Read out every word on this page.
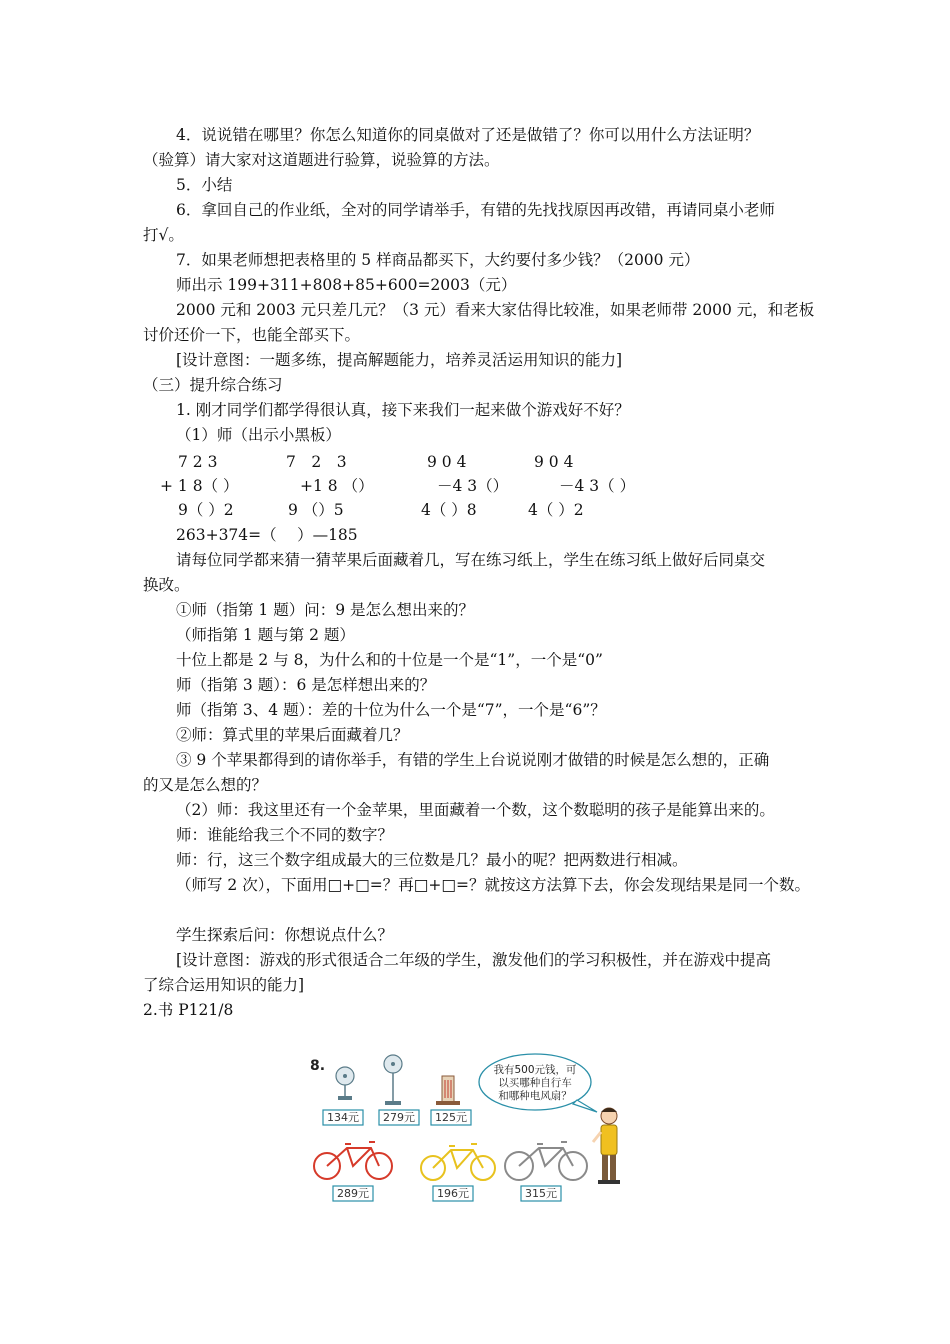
4．说说错在哪里？你怎么知道你的同桌做对了还是做错了？你可以用什么方法证明？
（验算）请大家对这道题进行验算，说验算的方法。
5．小结
6．拿回自己的作业纸，全对的同学请举手，有错的先找找原因再改错，再请同桌小老师
打√。
7．如果老师想把表格里的 5 样商品都买下，大约要付多少钱？（2000 元）
师出示 199+311+808+85+600=2003（元）
2000 元和 2003 元只差几元？（3 元）看来大家估得比较准，如果老师带 2000 元，和老板
讨价还价一下，也能全部买下。
[设计意图：一题多练，提高解题能力，培养灵活运用知识的能力]
（三）提升综合练习
1. 刚才同学们都学得很认真，接下来我们一起来做个游戏好不好？
（1）师（出示小黑板）
7 2 3	7　2　3	9 0 4	9 0 4
+ 1 8（ ）	+1 8 （）	－4 3（）	－4 3（ ）
9（ ）2	9 （）5	4（ ）8	4（ ）2
263+374=（　 ）—185
请每位同学都来猜一猜苹果后面藏着几，写在练习纸上，学生在练习纸上做好后同桌交
换改。
①师（指第 1 题）问：9 是怎么想出来的？
（师指第 1 题与第 2 题）
十位上都是 2 与 8，为什么和的十位是一个是“1”，一个是“0”
师（指第 3 题）：6 是怎样想出来的？
师（指第 3、4 题）：差的十位为什么一个是“7”，一个是“6”？
②师：算式里的苹果后面藏着几？
③ 9 个苹果都得到的请你举手，有错的学生上台说说刚才做错的时候是怎么想的，正确
的又是怎么想的？
（2）师：我这里还有一个金苹果，里面藏着一个数，这个数聪明的孩子是能算出来的。
师：谁能给我三个不同的数字？
师：行，这三个数字组成最大的三位数是几？最小的呢？把两数进行相减。
（师写 2 次），下面用□+□=？再□+□=？就按这方法算下去，你会发现结果是同一个数。
学生探索后问：你想说点什么？
[设计意图：游戏的形式很适合二年级的学生，激发他们的学习积极性，并在游戏中提高
了综合运用知识的能力]
2.书 P121/8
8.
134元 279元 125元
我有500元钱，可
以买哪种自行车
和哪种电风扇？
289元	196元	315元
